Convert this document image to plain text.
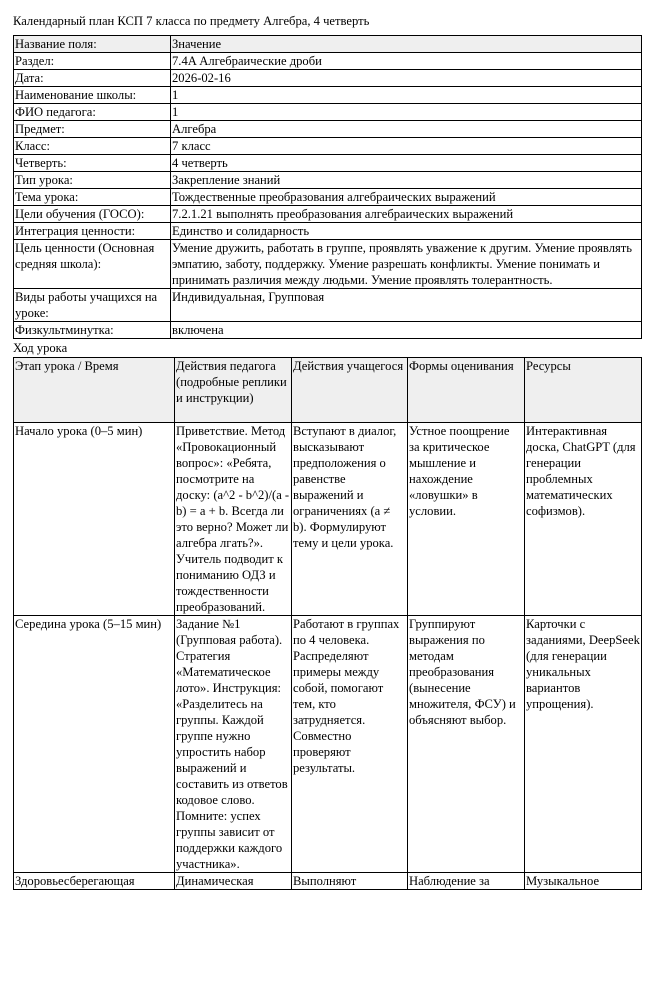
Календарный план КСП 7 класса по предмету Алгебра, 4 четверть
Название поля:	Значение
Раздел:	7.4A Алгебраические дроби
Дата:	2026-02-16
Наименование школы:	1
ФИО педагога:	1
Предмет:	Алгебра
Класс:	7 класс
Четверть:	4 четверть
Тип урока:	Закрепление знаний
Тема урока:	Тождественные преобразования алгебраических выражений
Цели обучения (ГОСО):	7.2.1.21 выполнять преобразования алгебраических выражений
Интеграция ценности:	Единство и солидарность
Цель ценности (Основная средняя школа):	Умение дружить, работать в группе, проявлять уважение к другим. Умение проявлять эмпатию, заботу, поддержку. Умение разрешать конфликты. Умение понимать и принимать различия между людьми. Умение проявлять толерантность.
Виды работы учащихся на уроке:	Индивидуальная, Групповая
Физкультминутка:	включена
Ход урока
Этап урока / Время	Действия педагога (подробные реплики и инструкции)	Действия учащегося	Формы оценивания	Ресурсы
Начало урока (0–5 мин)	Приветствие. Метод «Провокационный вопрос»: «Ребята, посмотрите на доску: (a^2 - b^2)/(a - b) = a + b. Всегда ли это верно? Может ли алгебра лгать?». Учитель подводит к пониманию ОДЗ и тождественности преобразований.	Вступают в диалог, высказывают предположения о равенстве выражений и ограничениях (a ≠ b). Формулируют тему и цели урока.	Устное поощрение за критическое мышление и нахождение «ловушки» в условии.	Интерактивная доска, ChatGPT (для генерации проблемных математических софизмов).
Середина урока (5–15 мин)	Задание №1 (Групповая работа). Стратегия «Математическое лото». Инструкция: «Разделитесь на группы. Каждой группе нужно упростить набор выражений и составить из ответов кодовое слово. Помните: успех группы зависит от поддержки каждого участника».	Работают в группах по 4 человека. Распределяют примеры между собой, помогают тем, кто затрудняется. Совместно проверяют результаты.	Группируют выражения по методам преобразования (вынесение множителя, ФСУ) и объясняют выбор.	Карточки с заданиями, DeepSeek (для генерации уникальных вариантов упрощения).
Здоровьесберегающая	Динамическая	Выполняют	Наблюдение за	Музыкальное
